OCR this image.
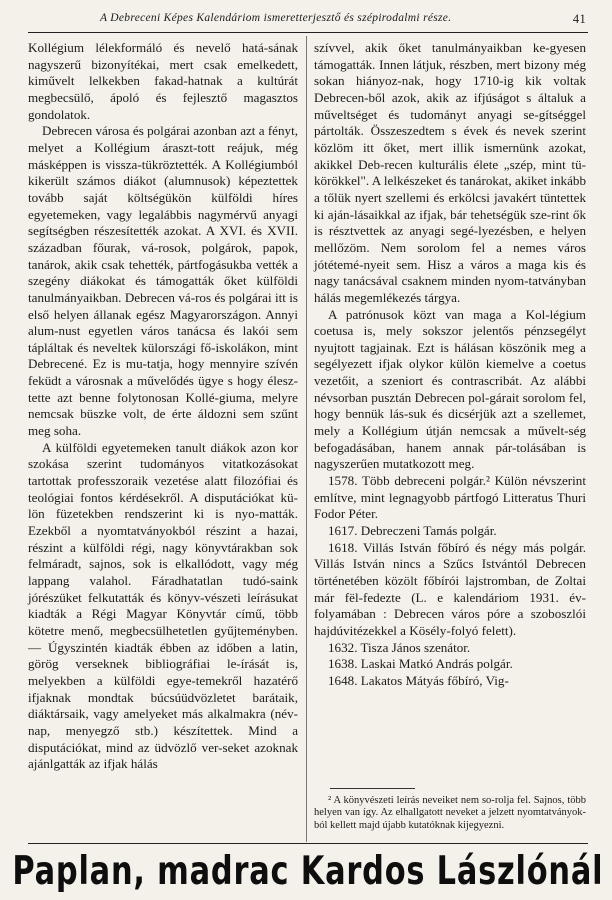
A Debreceni Képes Kalendáriom ismeretterjesztő és szépirodalmi része.	41

Kollégium lélekformáló és nevelő hatá-sának nagyszerű bizonyítékai, mert csak emelkedett, kiművelt lelkekben fakad-hatnak a kultúrát megbecsülő, ápoló és fejlesztő magasztos gondolatok.

Debrecen városa és polgárai azonban azt a fényt, melyet a Kollégium áraszt-tott reájuk, még másképpen is vissza-tükröztették. A Kollégiumból kikerült számos diákot (alumnusok) képeztettek tovább saját költségükön külföldi híres egyetemeken, vagy legalábbis nagymérvű anyagi segítségben részesítették azokat. A XVI. és XVII. században főurak, vá-rosok, polgárok, papok, tanárok, akik csak tehették, pártfogásukba vették a szegény diákokat és támogatták őket külföldi tanulmányaikban. Debrecen vá-ros és polgárai itt is első helyen állanak egész Magyarországon. Annyi alum-nust egyetlen város tanácsa és lakói sem tápláltak és neveltek külországi fő-iskolákon, mint Debrecené. Ez is mu-tatja, hogy mennyire szívén feküdt a városnak a művelődés ügye s hogy élesz-tette azt benne folytonosan Kollé-giuma, melyre nemcsak büszke volt, de érte áldozni sem szűnt meg soha.

A külföldi egyetemeken tanult diákok azon kor szokása szerint tudományos vitatkozásokat tartottak professzoraik vezetése alatt filozófiai és teológiai fontos kérdésekről. A disputációkat kü-lön füzetekben rendszerint ki is nyo-matták. Ezekből a nyomtatványokból részint a hazai, részint a külföldi régi, nagy könyvtárakban sok felmáradt, sajnos, sok is elkallódott, vagy még lappang valahol. Fáradhatatlan tudó-saink jórészüket felkutatták és könyv-vészeti leírásukat kiadták a Régi Magyar Könyvtár című, több kötetre menő, megbecsülhetetlen gyűjteményben. — Úgyszintén kiadták ébben az időben a latin, görög verseknek bibliográfiai le-írását is, melyekben a külföldi egye-temekről hazatérő ifjaknak mondtak búcsúüdvözletet barátaik, diáktársaik, vagy amelyeket más alkalmakra (név-nap, menyegző stb.) készítettek. Mind a disputációkat, mind az üdvözlő ver-seket azoknak ajánlgatták az ifjak hálás

szívvel, akik őket tanulmányaikban ke-gyesen támogatták. Innen látjuk, részben, mert bizony még sokan hiányoz-nak, hogy 1710-ig kik voltak Debrecen-ből azok, akik az ifjúságot s általuk a műveltséget és tudományt anyagi se-gítséggel pártolták. Összeszedtem s évek és nevek szerint közlöm itt őket, mert illik ismernünk azokat, akikkel Deb-recen kulturális élete „szép, mint tü-körökkel". A lelkészeket és tanárokat, akiket inkább a tőlük nyert szellemi és erkölcsi javakért tüntettek ki aján-lásaikkal az ifjak, bár tehetségük sze-rint ők is résztvettek az anyagi segé-lyezésben, e helyen mellőzöm. Nem sorolom fel a nemes város jótétemé-nyeit sem. Hisz a város a maga kis és nagy tanácsával csaknem minden nyom-tatványban hálás megemlékezés tárgya.

A patrónusok közt van maga a Kol-légium coetusa is, mely sokszor jelentős pénzsegélyt nyujtott tagjainak. Ezt is hálásan köszönik meg a segélyezett ifjak olykor külön kiemelve a coetus vezetőit, a szeniort és contrascribát. Az alábbi névsorban pusztán Debrecen pol-gárait sorolom fel, hogy bennük lás-suk és dicsérjük azt a szellemet, mely a Kollégium útján nemcsak a művelt-ség befogadásában, hanem annak pár-tolásában is nagyszerűen mutatkozott meg.

1578. Több debreceni polgár.² Külön névszerint említve, mint legnagyobb pártfogó Litteratus Thuri Fodor Péter.

1617. Debreczeni Tamás polgár.

1618. Villás István főbíró és négy más polgár. Villás István nincs a Szűcs Istvántól Debrecen történetében közölt főbírói lajstromban, de Zoltai már fël-fedezte (L. e kalendáriom 1931. év-folyamában : Debrecen város póre a szoboszlói hajdúvitézekkel a Kösély-folyó felett).

1632. Tisza János szenátor.

1638. Laskai Matkó András polgár.

1648. Lakatos Mátyás főbíró, Vig-

² A könyvészeti leírás neveiket nem so-rolja fel. Sajnos, több helyen van így. Az elhallgatott neveket a jelzett nyomtatványok-ból kellett majd újabb kutatóknak kijegyezni.

Paplan, madrac Kardos Lászlónál
